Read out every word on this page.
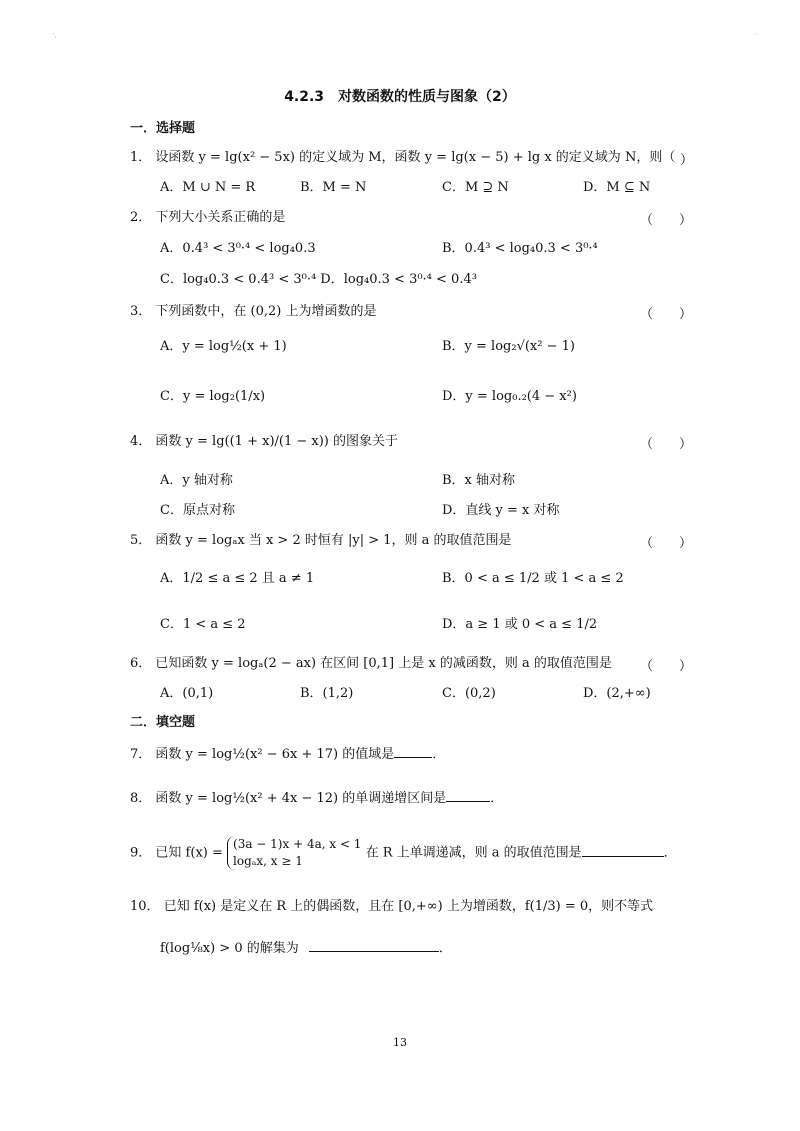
·,	·
4.2.3　对数函数的性质与图象（2）
一．选择题
1． 设函数 y = lg(x² − 5x) 的定义域为 M，函数 y = lg(x − 5) + lg x 的定义域为 N，则（ ）
A．M ∪ N = R	B．M = N	C．M ⊇ N	D．M ⊆ N
2． 下列大小关系正确的是	（　　）
A．0.4³ < 3⁰·⁴ < log₄0.3	B．0.4³ < log₄0.3 < 3⁰·⁴
C．log₄0.3 < 0.4³ < 3⁰·⁴ D．log₄0.3 < 3⁰·⁴ < 0.4³
3． 下列函数中，在 (0,2) 上为增函数的是	（　　）
A．y = log½(x + 1)	B．y = log₂√(x² − 1)
C．y = log₂(1/x)	D．y = log₀.₂(4 − x²)
4． 函数 y = lg((1 + x)/(1 − x)) 的图象关于	（　　）
A．y 轴对称	B．x 轴对称
C．原点对称	D．直线 y = x 对称
5． 函数 y = logₐx 当 x > 2 时恒有 |y| > 1，则 a 的取值范围是	（　　）
A．1/2 ≤ a ≤ 2 且 a ≠ 1	B．0 < a ≤ 1/2 或 1 < a ≤ 2
C．1 < a ≤ 2	D．a ≥ 1 或 0 < a ≤ 1/2
6． 已知函数 y = logₐ(2 − ax) 在区间 [0,1] 上是 x 的减函数，则 a 的取值范围是 （　　）
A．(0,1)	B．(1,2)	C．(0,2)	D．(2,+∞)
二．填空题
7． 函数 y = log½(x² − 6x + 17) 的值域是	．
8． 函数 y = log½(x² + 4x − 12) 的单调递增区间是	．
9． 已知 f(x) =
(3a − 1)x + 4a, x < 1
logₐx, x ≥ 1
在 R 上单调递减，则 a 的取值范围是	．
10． 已知 f(x) 是定义在 R 上的偶函数，且在 [0,+∞) 上为增函数，f(1/3) = 0，则不等式
f(log⅛x) > 0 的解集为	．
13
